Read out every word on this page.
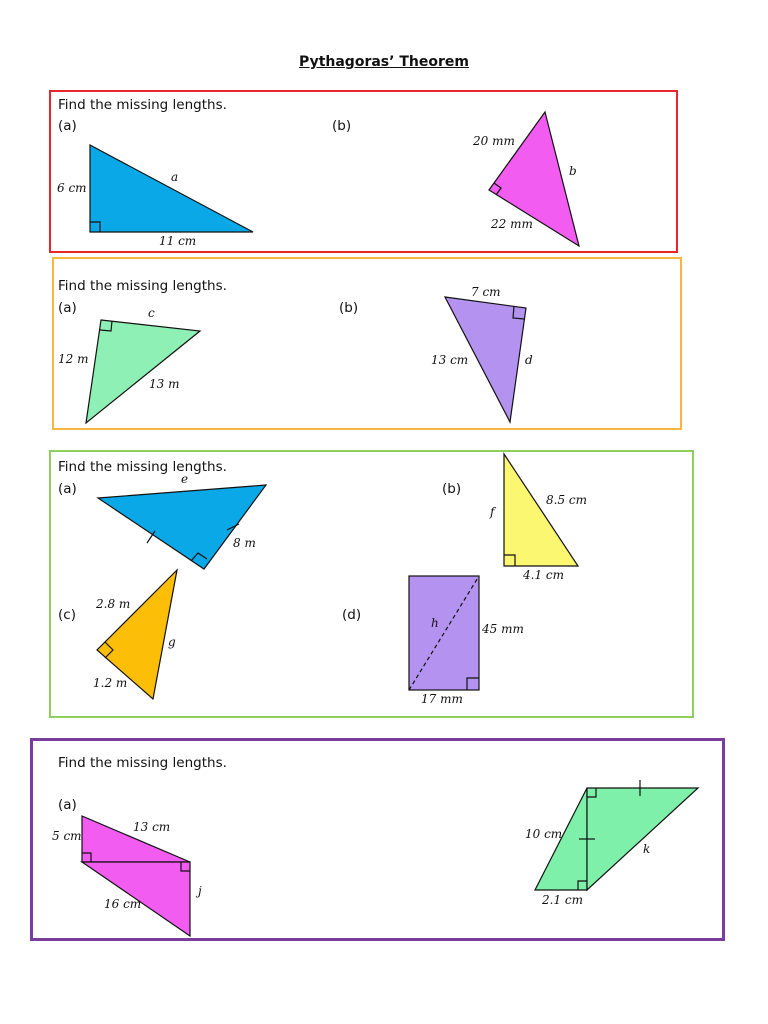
Pythagoras’ Theorem
Find the missing lengths.
(a)	(b)
6 cm
11 cm
a
20 mm
22 mm
b
Find the missing lengths.
(a)	(b)
c
12 m
13 m
7 cm
d
13 cm
Find the missing lengths.
(a)	(b)
(c)	(d)
e
8 m
f
8.5 cm
4.1 cm
2.8 m
1.2 m
g
h	45 mm
17 mm
Find the missing lengths.
(a)
5 cm
13 cm
16 cm
j
10 cm
2.1 cm
k
